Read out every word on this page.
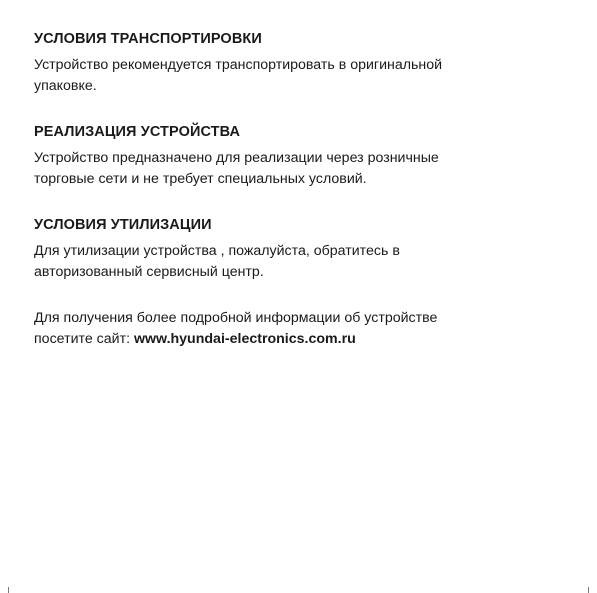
УСЛОВИЯ ТРАНСПОРТИРОВКИ

Устройство рекомендуется транспортировать в оригинальной
упаковке.

РЕАЛИЗАЦИЯ УСТРОЙСТВА

Устройство предназначено для реализации через розничные
торговые сети и не требует специальных условий.

УСЛОВИЯ УТИЛИЗАЦИИ

Для утилизации устройства , пожалуйста, обратитесь в
авторизованный сервисный центр.

Для получения более подробной информации об устройстве
посетите сайт: www.hyundai-electronics.com.ru
